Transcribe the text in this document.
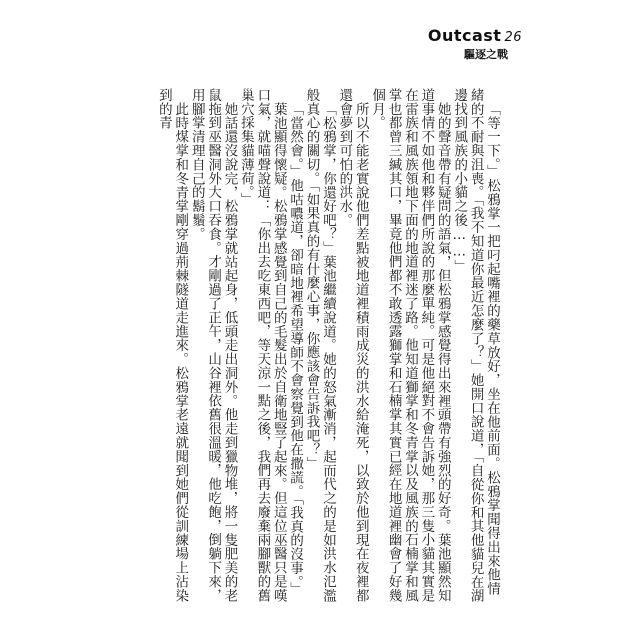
Outcast 26
驅逐之戰

「等一下。」松鴉掌一把叼起嘴裡的藥草放好，坐在他前面。松鴉掌聞得出來他情緒的不耐與沮喪。「我不知道你最近怎麼了？」她開口說道，「自從你和其他貓兒在湖邊找到風族的小貓之後……」

她的聲音帶有疑問的語氣，但松鴉掌感覺得出來裡頭帶有強烈的好奇。葉池顯然知道事情不如他和夥伴們所說的那麼單純。可是他絕對不會告訴她，那三隻小貓其實是在雷族和風族領地下面的地道裡迷了路。他知道獅掌和冬青掌以及風族的石楠掌和風掌也都曾三緘其口，畢竟他們都不敢透露獅掌和石楠掌其實已經在地道裡幽會了好幾個月。

所以不能老實說他們差點被地道裡積雨成災的洪水給淹死，以致於他到現在夜裡都還會夢到可怕的洪水。

「松鴉掌，你還好吧？」葉池繼續說道。她的怒氣漸消，起而代之的是如洪水氾濫般真心的關切。「如果真的有什麼心事，你應該會告訴我吧？」

「當然會。」他咕噥道，卻暗地裡希望導師不會察覺到他在撒謊。「我真的沒事。」

葉池顯得懷疑。松鴉掌感覺到自己的毛髮出於自衛地豎了起來。但這位巫醫只是嘆口氣，就喵聲說道：「你出去吃東西吧，等天涼一點之後，我們再去廢棄兩腳獸的舊巢穴採集貓薄荷。」

她話還沒說完，松鴉掌就站起身，低頭走出洞外。他走到獵物堆，將一隻肥美的老鼠拖到巫醫洞外大口吞食。才剛過了正午，山谷裡依舊很溫暖，他吃飽，倒躺下來，用腳掌清理自己的鬍鬚。

此時煤掌和冬青掌剛穿過荊棘隧道走進來。松鴉掌老遠就聞到她們從訓練場上沾染到的青
